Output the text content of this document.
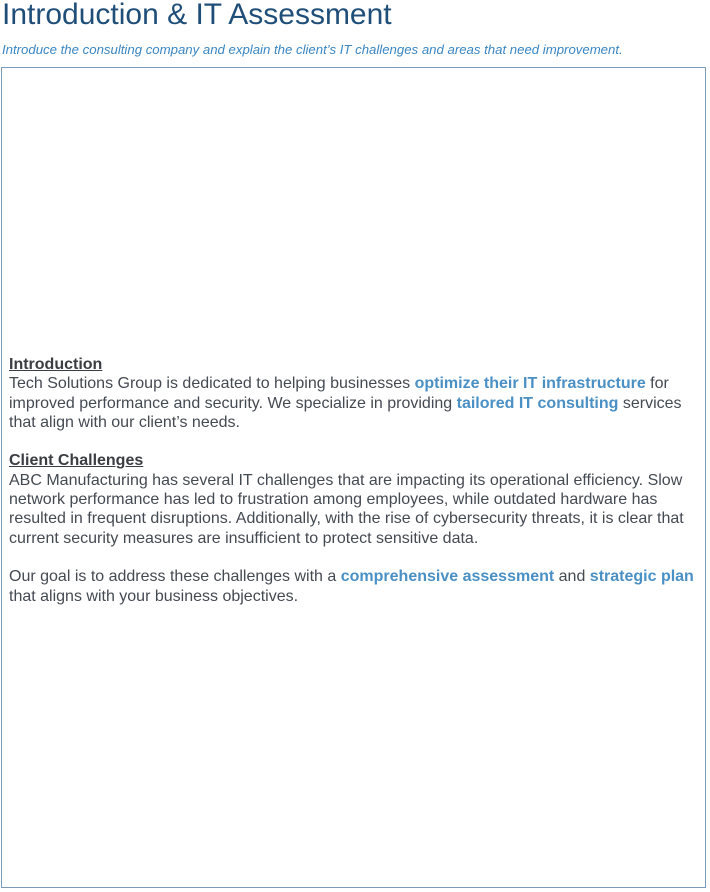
Introduction & IT Assessment

Introduce the consulting company and explain the client’s IT challenges and areas that need improvement.

Introduction

Tech Solutions Group is dedicated to helping businesses optimize their IT infrastructure for improved performance and security. We specialize in providing tailored IT consulting services that align with our client’s needs.

Client Challenges

ABC Manufacturing has several IT challenges that are impacting its operational efficiency. Slow network performance has led to frustration among employees, while outdated hardware has resulted in frequent disruptions. Additionally, with the rise of cybersecurity threats, it is clear that current security measures are insufficient to protect sensitive data.

Our goal is to address these challenges with a comprehensive assessment and strategic plan that aligns with your business objectives.
